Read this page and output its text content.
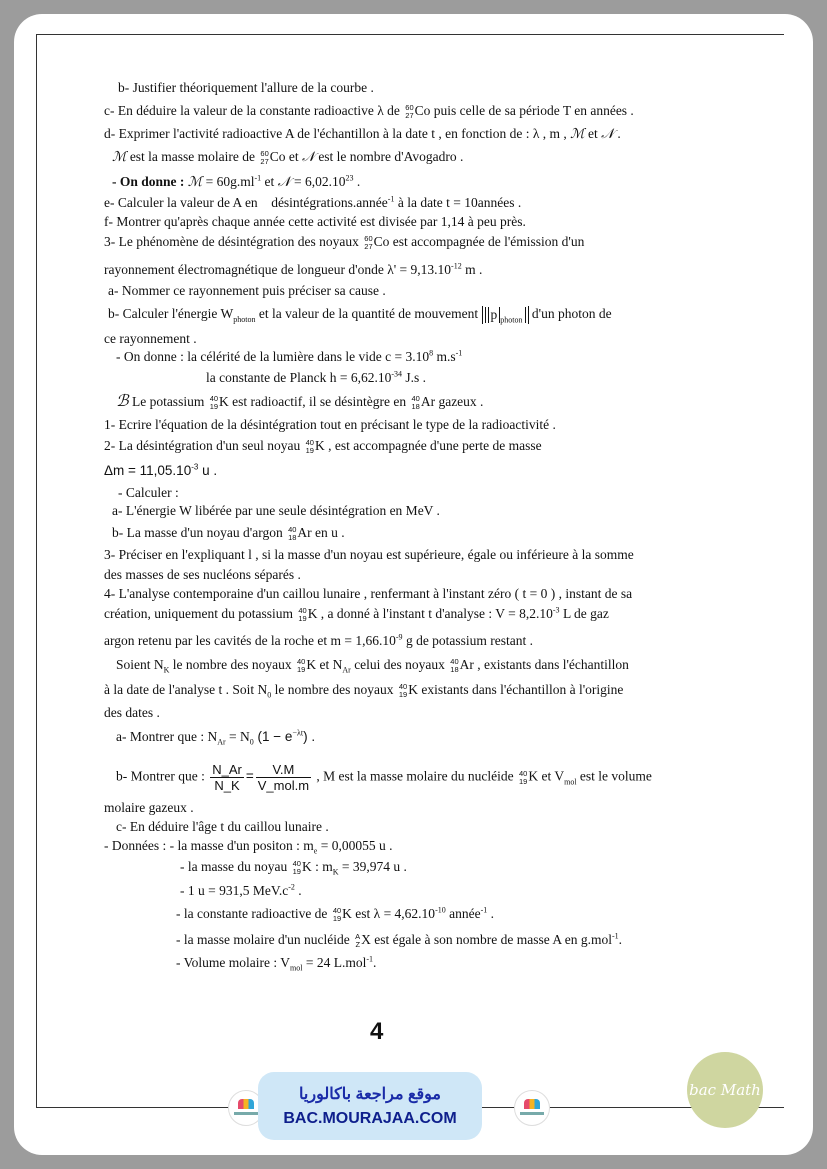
b- Justifier théoriquement l'allure de la courbe .
c- En déduire la valeur de la constante radioactive λ de 60
27 Co puis celle de sa période T en années .
d- Exprimer l'activité radioactive A de l'échantillon à la date t , en fonction de : λ , m , ℳ et 𝒩 .
ℳ est la masse molaire de 60
27 Co et 𝒩 est le nombre d'Avogadro .
- On donne : ℳ = $60g.ml^{-1}$ et 𝒩 = $6,02.10^{23}$ .
e- Calculer la valeur de A en désintégrations.année$^{-1}$ à la date t = 10années .
f- Montrer qu'après chaque année cette activité est divisée par 1,14 à peu près.
3- Le phénomène de désintégration des noyaux 60
27 Co est accompagnée de l'émission d'un
rayonnement électromagnétique de longueur d'onde $\lambda' = 9,13.10^{-12}$ m .
a- Nommer ce rayonnement puis préciser sa cause .
b- Calculer l'énergie $W_{photon}$ et la valeur de la quantité de mouvement p $_{photon}$ d'un photon de
ce rayonnement .
- On donne : la célérité de la lumière dans le vide $c = 3.10^8$ $m.s^{-1}$
la constante de Planck $h = 6,62.10^{-34}$ J.s .
ℬ Le potassium 40
19 K est radioactif, il se désintègre en 40
18 Ar gazeux .
1- Ecrire l'équation de la désintégration tout en précisant le type de la radioactivité .
2- La désintégration d'un seul noyau 40
19 K , est accompagnée d'une perte de masse
$\Delta m = 11,05.10^{-3}$ u .
- Calculer :
a- L'énergie W libérée par une seule désintégration en MeV .
b- La masse d'un noyau d'argon 40
18 Ar en u .
3- Préciser en l'expliquant l , si la masse d'un noyau est supérieure, égale ou inférieure à la somme
des masses de ses nucléons séparés .
4- L'analyse contemporaine d'un caillou lunaire , renfermant à l'instant zéro ( t = 0 ) , instant de sa
création, uniquement du potassium 40
19 K , a donné à l'instant t d'analyse : $V = 8,2.10^{-3}$ L de gaz
argon retenu par les cavités de la roche et $m = 1,66.10^{-9}$ g de potassium restant .
Soient $N_K$ le nombre des noyaux 40
19 K et $N_{Ar}$ celui des noyaux 40
18 Ar , existants dans l'échantillon
à la date de l'analyse t . Soit $N_0$ le nombre des noyaux 40
19 K existants dans l'échantillon à l'origine
des dates .
a- Montrer que : $N_{Ar} = N_0$ $(1 - e^{-\lambda t})$ .
b- Montrer que : $\frac{N\_Ar}{N\_K} = \frac{V.M}{\text{V\_mol.m}}$ , M est la masse molaire du nucléide 40
19 K et $V_{mol}$ est le volume
molaire gazeux .
c- En déduire l'âge t du caillou lunaire .
- Données : - la masse d'un positon : $m_e = 0,00055$ u .
- la masse du noyau 40
19 K : $m_K = 39,974$ u .
- 1 u = 931,5 $MeV.c^{-2}$ .
- la constante radioactive de 40
19 K est $\lambda = 4,62.10^{-10}$ année$^{-1}$ .
- la masse molaire d'un nucléide A
Z X est égale à son nombre de masse A en g.mol$^{-1}$.
- Volume molaire : $V_{mol} = 24$ L.mol$^{-1}$.
4
موقع مراجعة باكالوريا
BAC.MOURAJAA.COM
bac Math
